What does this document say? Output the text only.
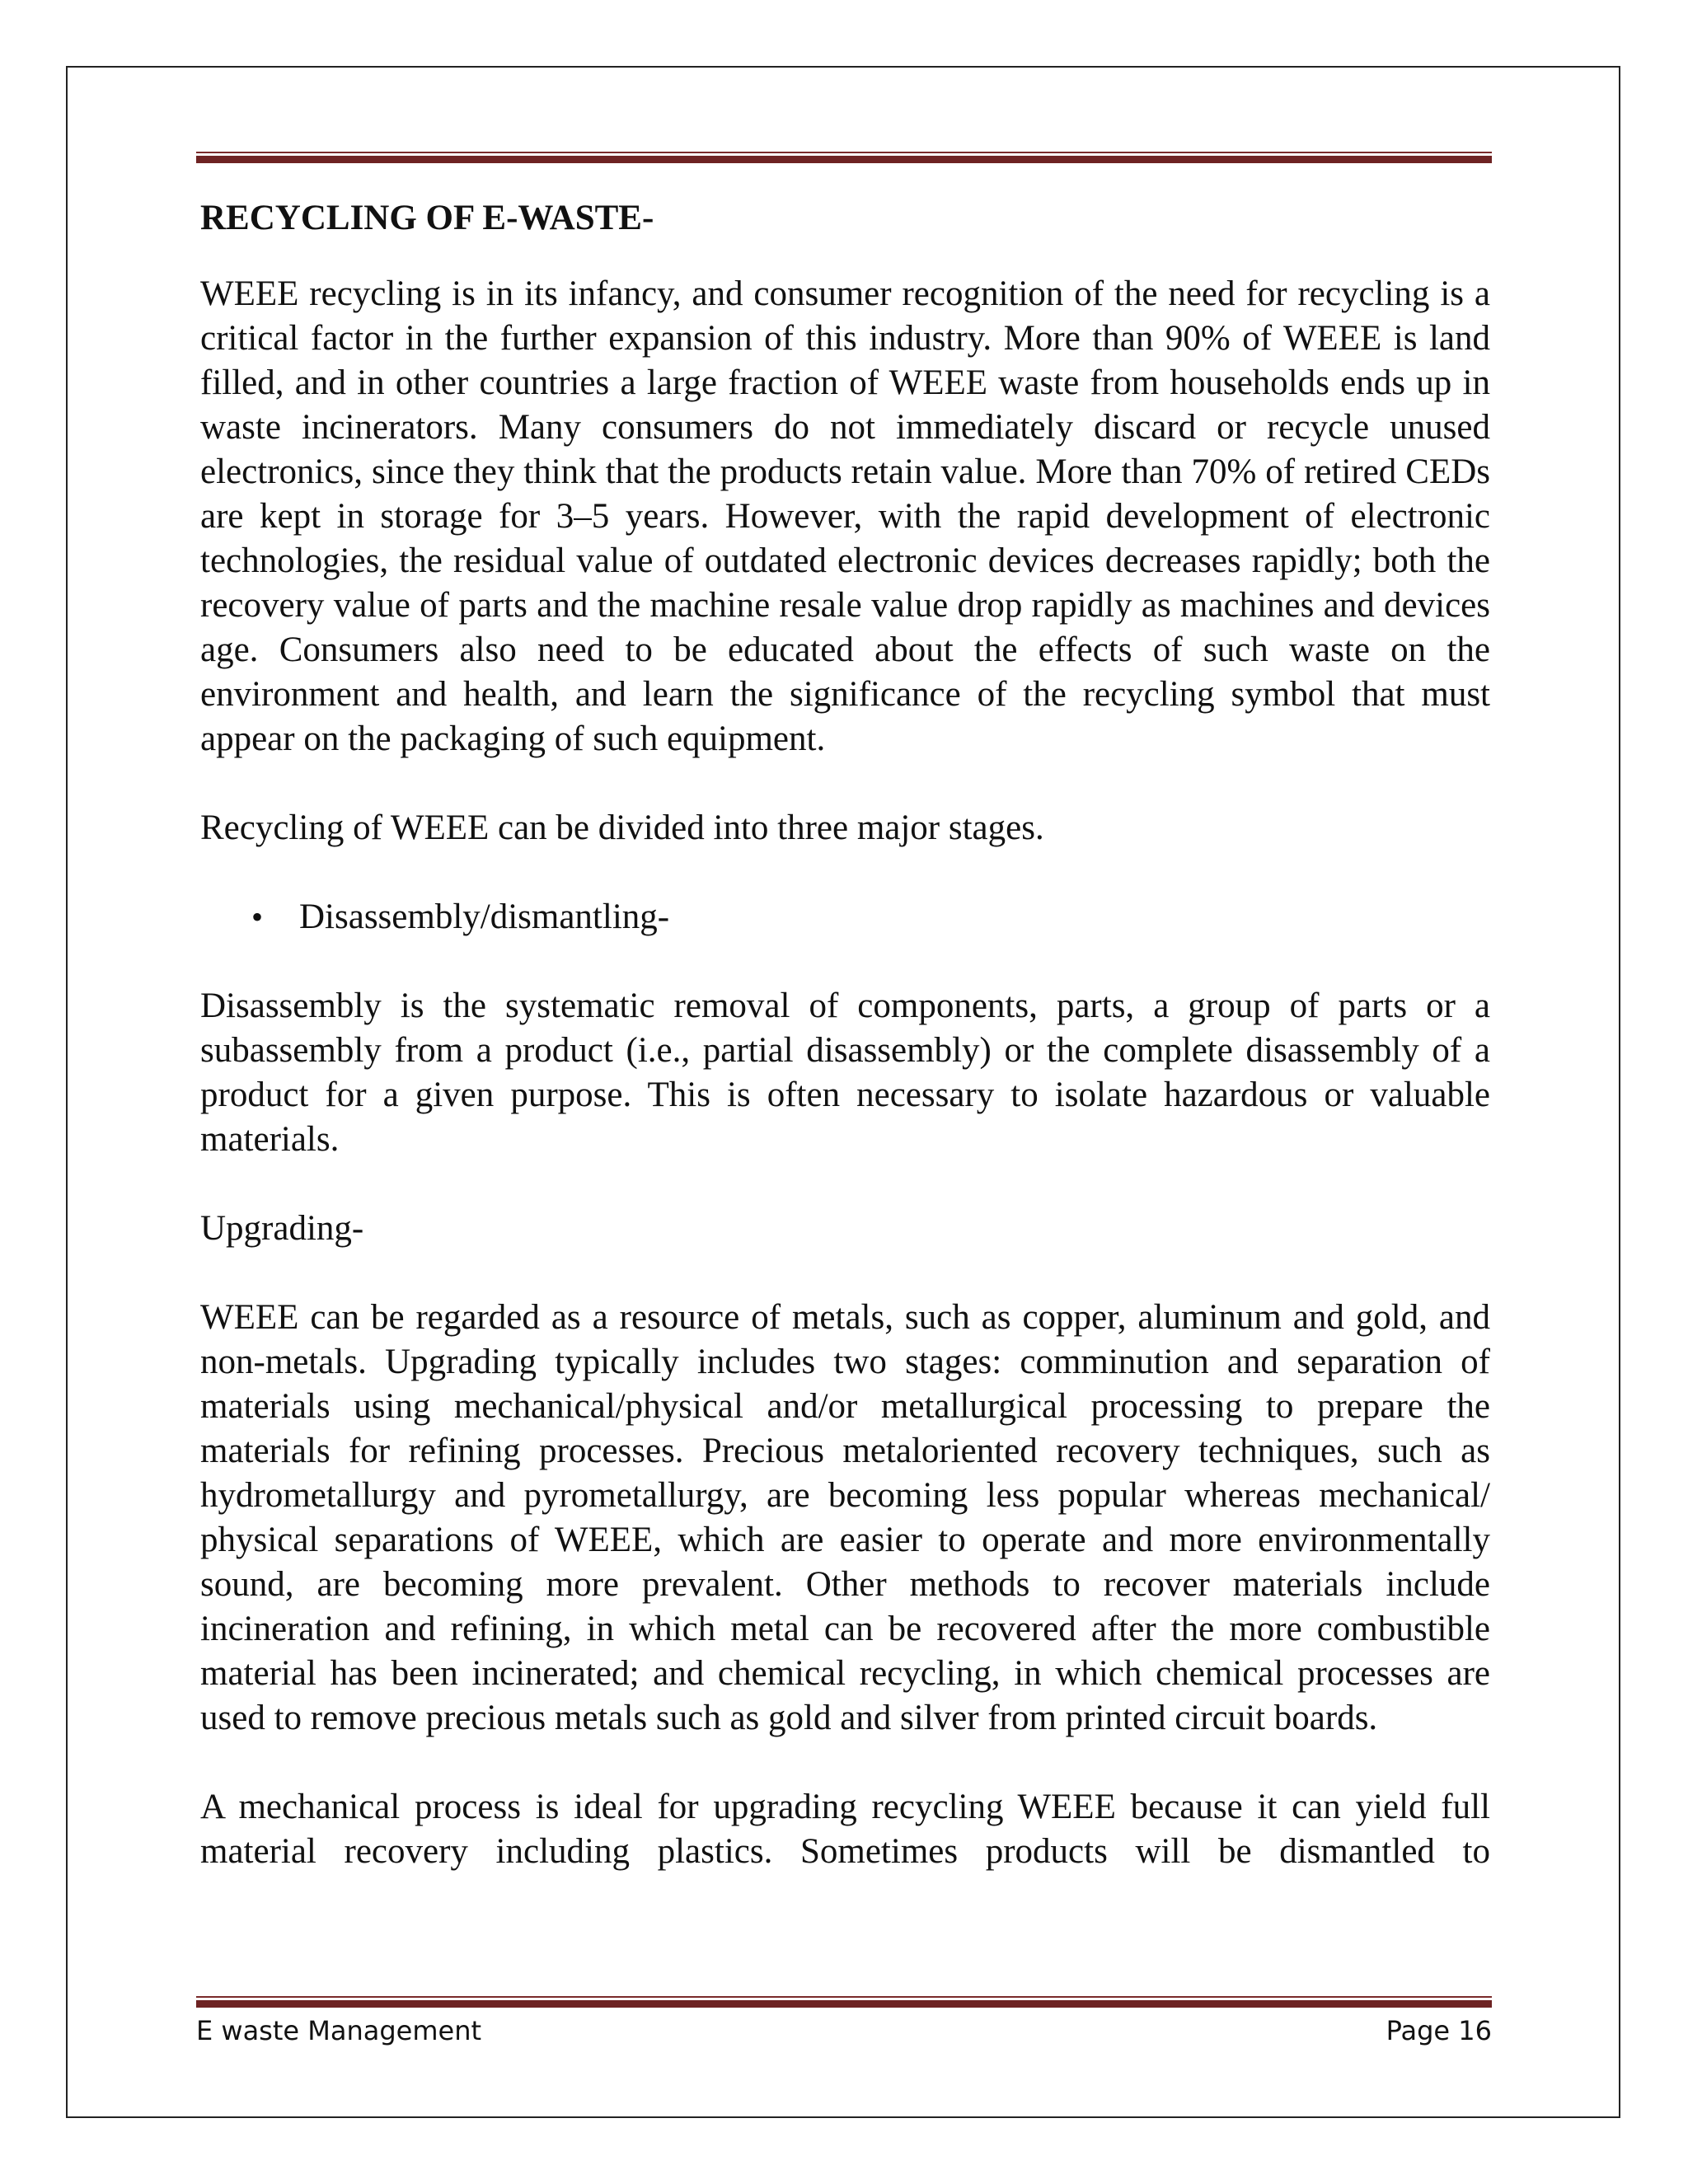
RECYCLING OF E-WASTE-

WEEE recycling is in its infancy, and consumer recognition of the need for recycling is a critical factor in the further expansion of this industry. More than 90% of WEEE is land filled, and in other countries a large fraction of WEEE waste from households ends up in waste incinerators. Many consumers do not immediately discard or recycle unused electronics, since they think that the products retain value. More than 70% of retired CEDs are kept in storage for 3–5 years. However, with the rapid development of electronic technologies, the residual value of outdated electronic devices decreases rapidly; both the recovery value of parts and the machine resale value drop rapidly as machines and devices age. Consumers also need to be educated about the effects of such waste on the environment and health, and learn the significance of the recycling symbol that must appear on the packaging of such equipment.

Recycling of WEEE can be divided into three major stages.

• Disassembly/dismantling-

Disassembly is the systematic removal of components, parts, a group of parts or a subassembly from a product (i.e., partial disassembly) or the complete disassembly of a product for a given purpose. This is often necessary to isolate hazardous or valuable materials.

Upgrading-

WEEE can be regarded as a resource of metals, such as copper, aluminum and gold, and non-metals. Upgrading typically includes two stages: comminution and separation of materials using mechanical/physical and/or metallurgical processing to prepare the materials for refining processes. Precious metaloriented recovery techniques, such as hydrometallurgy and pyrometallurgy, are becoming less popular whereas mechanical/ physical separations of WEEE, which are easier to operate and more environmentally sound, are becoming more prevalent. Other methods to recover materials include incineration and refining, in which metal can be recovered after the more combustible material has been incinerated; and chemical recycling, in which chemical processes are used to remove precious metals such as gold and silver from printed circuit boards.

A mechanical process is ideal for upgrading recycling WEEE because it can yield full material recovery including plastics. Sometimes products will be dismantled to

E waste Management	Page 16
